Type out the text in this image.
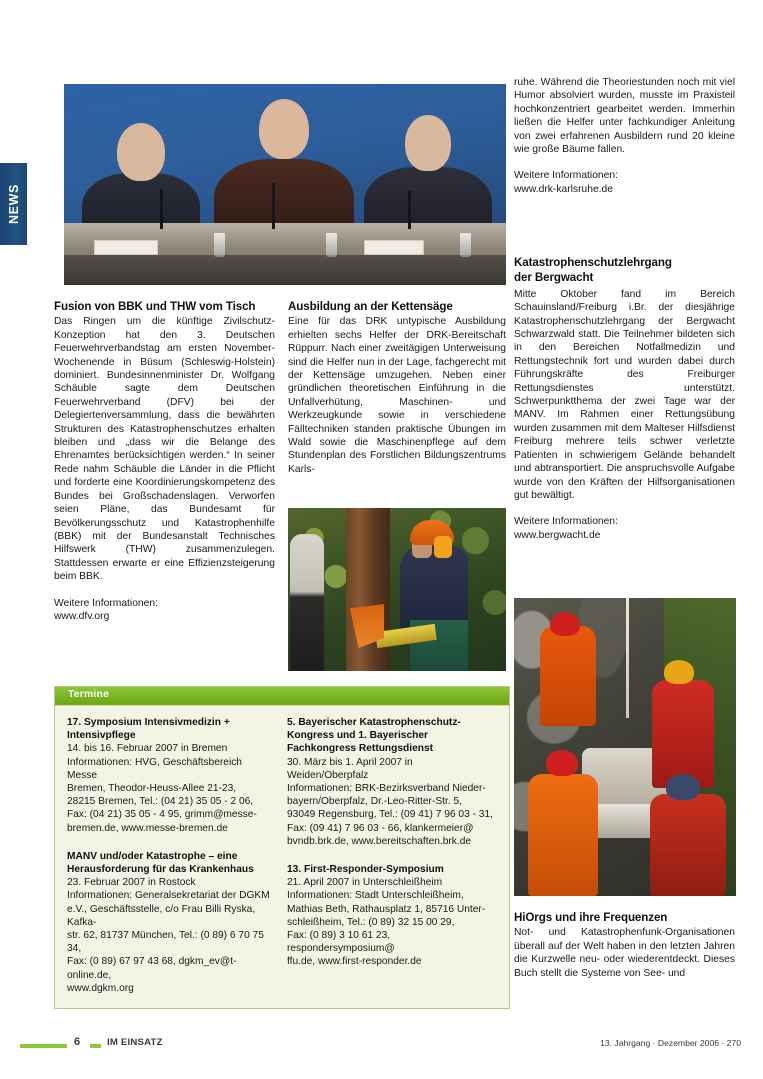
NEWS
Fusion von BBK und THW vom Tisch

Das Ringen um die künftige Zivilschutz-Konzeption hat den 3. Deutschen Feuerwehrverbandstag am ersten November-Wochenende in Büsum (Schleswig-Holstein) dominiert. Bundesinnenminister Dr. Wolfgang Schäuble sagte dem Deutschen Feuerwehrverband (DFV) bei der Delegiertenversammlung, dass die bewährten Strukturen des Katastrophenschutzes erhalten bleiben und „dass wir die Belange des Ehrenamtes berücksichtigen werden.“ In seiner Rede nahm Schäuble die Länder in die Pflicht und forderte eine Koordinierungskompetenz des Bundes bei Großschadenslagen. Verworfen seien Pläne, das Bundesamt für Bevölkerungsschutz und Katastrophenhilfe (BBK) mit der Bundesanstalt Technisches Hilfswerk (THW) zusammenzulegen. Stattdessen erwarte er eine Effizienzsteigerung beim BBK.

Weitere Informationen:
www.dfv.org
Ausbildung an der Kettensäge

Eine für das DRK untypische Ausbildung erhielten sechs Helfer der DRK-Bereitschaft Rüppurr. Nach einer zweitägigen Unterweisung sind die Helfer nun in der Lage, fachgerecht mit der Kettensäge umzugehen. Neben einer gründlichen theoretischen Einführung in die Unfallverhütung, Maschinen- und Werkzeugkunde sowie in verschiedene Fälltechniken standen praktische Übungen im Wald sowie die Maschinenpflege auf dem Stundenplan des Forstlichen Bildungszentrums Karls-

ruhe. Während die Theoriestunden noch mit viel Humor absolviert wurden, musste im Praxisteil hochkonzentriert gearbeitet werden. Immerhin ließen die Helfer unter fachkundiger Anleitung von zwei erfahrenen Ausbildern rund 20 kleine wie große Bäume fallen.

Weitere Informationen:
www.drk-karlsruhe.de
Katastrophenschutzlehrgang
der Bergwacht

Mitte Oktober fand im Bereich Schauinsland/Freiburg i.Br. der diesjährige Katastrophenschutzlehrgang der Bergwacht Schwarzwald statt. Die Teilnehmer bildeten sich in den Bereichen Notfallmedizin und Rettungstechnik fort und wurden dabei durch Führungskräfte des Freiburger Rettungsdienstes unterstützt. Schwerpunktthema der zwei Tage war der MANV. Im Rahmen einer Rettungsübung wurden zusammen mit dem Malteser Hilfsdienst Freiburg mehrere teils schwer verletzte Patienten in schwierigem Gelände behandelt und abtransportiert. Die anspruchsvolle Aufgabe wurde von den Kräften der Hilfsorganisationen gut bewältigt.

Weitere Informationen:
www.bergwacht.de
HiOrgs und ihre Frequenzen

Not- und Katastrophenfunk-Organisationen überall auf der Welt haben in den letzten Jahren die Kurzwelle neu- oder wiederentdeckt. Dieses Buch stellt die Systeme von See- und

Termine
17. Symposium Intensivmedizin + Intensivpflege
14. bis 16. Februar 2007 in Bremen
Informationen: HVG, Geschäftsbereich Messe
Bremen, Theodor-Heuss-Allee 21-23,
28215 Bremen, Tel.: (04 21) 35 05 - 2 06,
Fax: (04 21) 35 05 - 4 95, grimm@messe-
bremen.de, www.messe-bremen.de
MANV und/oder Katastrophe – eine Herausforderung für das Krankenhaus
23. Februar 2007 in Rostock
Informationen: Generalsekretariat der DGKM
e.V., Geschäftsstelle, c/o Frau Billi Ryska, Kafka-
str. 62, 81737 München, Tel.: (0 89) 6 70 75 34,
Fax: (0 89) 67 97 43 68, dgkm_ev@t-online.de,
www.dgkm.org
5. Bayerischer Katastrophenschutz-Kongress und 1. Bayerischer Fachkongress Rettungsdienst
30. März bis 1. April 2007 in Weiden/Oberpfalz
Informationen: BRK-Bezirksverband Nieder-
bayern/Oberpfalz, Dr.-Leo-Ritter-Str. 5,
93049 Regensburg, Tel.: (09 41) 7 96 03 - 31,
Fax: (09 41) 7 96 03 - 66, klankermeier@
bvndb.brk.de, www.bereitschaften.brk.de
13. First-Responder-Symposium
21. April 2007 in Unterschleißheim
Informationen: Stadt Unterschleißheim,
Mathias Beth, Rathausplatz 1, 85716 Unter-
schleißheim, Tel.: (0 89) 32 15 00 29,
Fax: (0 89) 3 10 61 23, respondersymposium@
ffu.de, www.first-responder.de
6	IM EINSATZ	13. Jahrgang · Dezember 2006 · 270
